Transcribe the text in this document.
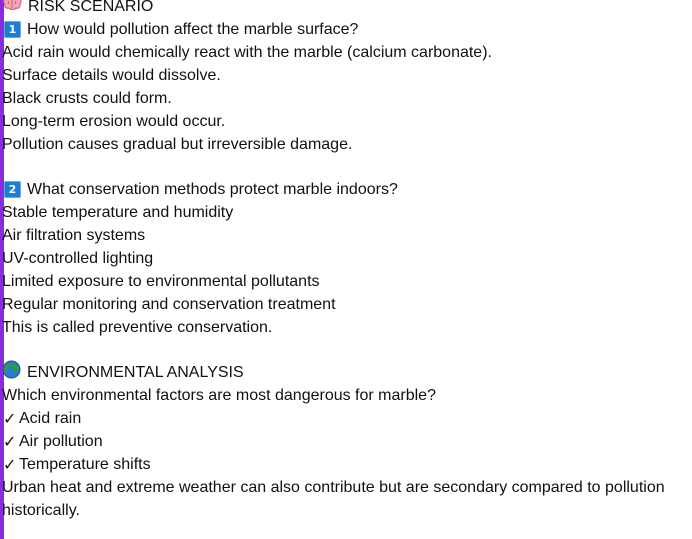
RISK SCENARIO
1 How would pollution affect the marble surface?
Acid rain would chemically react with the marble (calcium carbonate).
Surface details would dissolve.
Black crusts could form.
Long-term erosion would occur.
Pollution causes gradual but irreversible damage.
2 What conservation methods protect marble indoors?
Stable temperature and humidity
Air filtration systems
UV-controlled lighting
Limited exposure to environmental pollutants
Regular monitoring and conservation treatment
This is called preventive conservation.
ENVIRONMENTAL ANALYSIS
Which environmental factors are most dangerous for marble?
✓ Acid rain
✓ Air pollution
✓ Temperature shifts
Urban heat and extreme weather can also contribute but are secondary compared to pollution historically.
